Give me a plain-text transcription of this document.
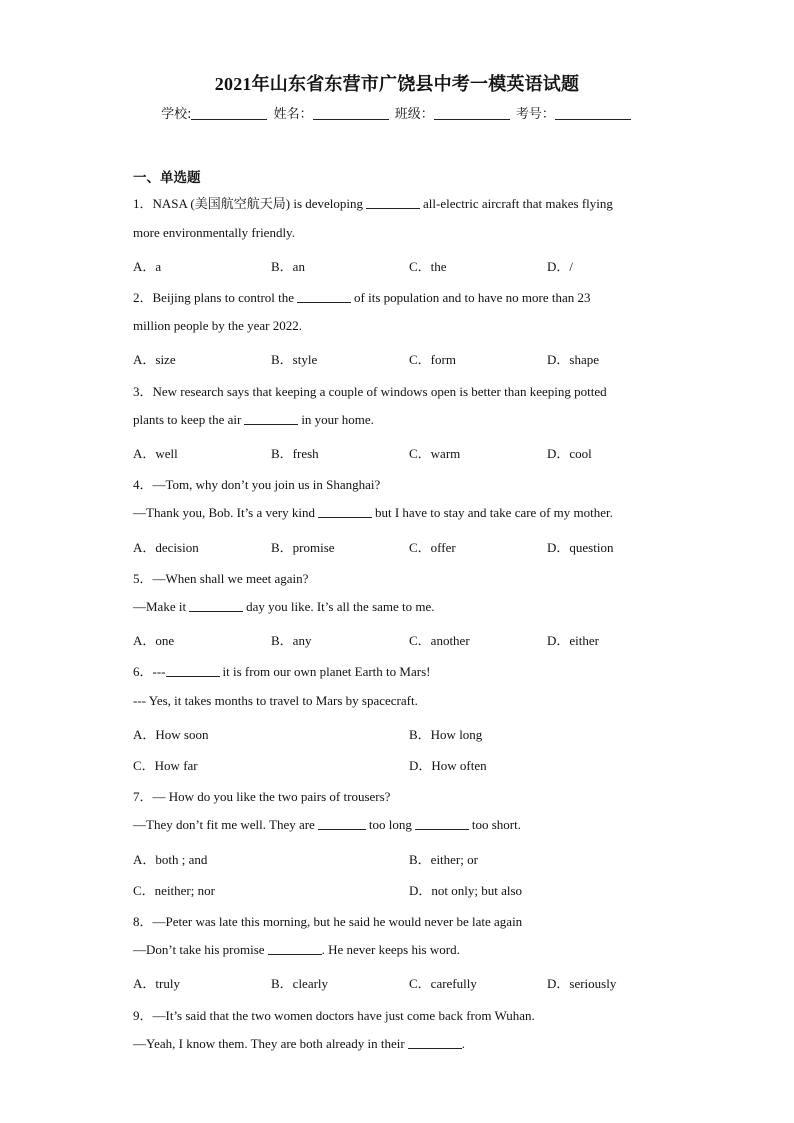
2021年山东省东营市广饶县中考一模英语试题
学校:	姓名：	班级：	考号：
一、单选题
1．NASA (美国航空航天局) is developing	all-electric aircraft that makes flying
more environmentally friendly.
A．a	B．an	C．the	D．/
2．Beijing plans to control the	of its population and to have no more than 23
million people by the year 2022.
A．size	B．style	C．form	D．shape
3．New research says that keeping a couple of windows open is better than keeping potted
plants to keep the air	in your home.
A．well	B．fresh	C．warm	D．cool
4．—Tom, why don’t you join us in Shanghai?
—Thank you, Bob. It’s a very kind	but I have to stay and take care of my mother.
A．decision	B．promise	C．offer	D．question
5．—When shall we meet again?
—Make it	day you like. It’s all the same to me.
A．one	B．any	C．another	D．either
6．---	it is from our own planet Earth to Mars!
--- Yes, it takes months to travel to Mars by spacecraft.
A．How soon	B．How long
C．How far	D．How often
7．— How do you like the two pairs of trousers?
—They don’t fit me well. They are	too long	too short.
A．both ; and	B．either; or
C．neither; nor	D．not only; but also
8．—Peter was late this morning, but he said he would never be late again
—Don’t take his promise	. He never keeps his word.
A．truly	B．clearly	C．carefully	D．seriously
9．—It’s said that the two women doctors have just come back from Wuhan.
—Yeah, I know them. They are both already in their	.
